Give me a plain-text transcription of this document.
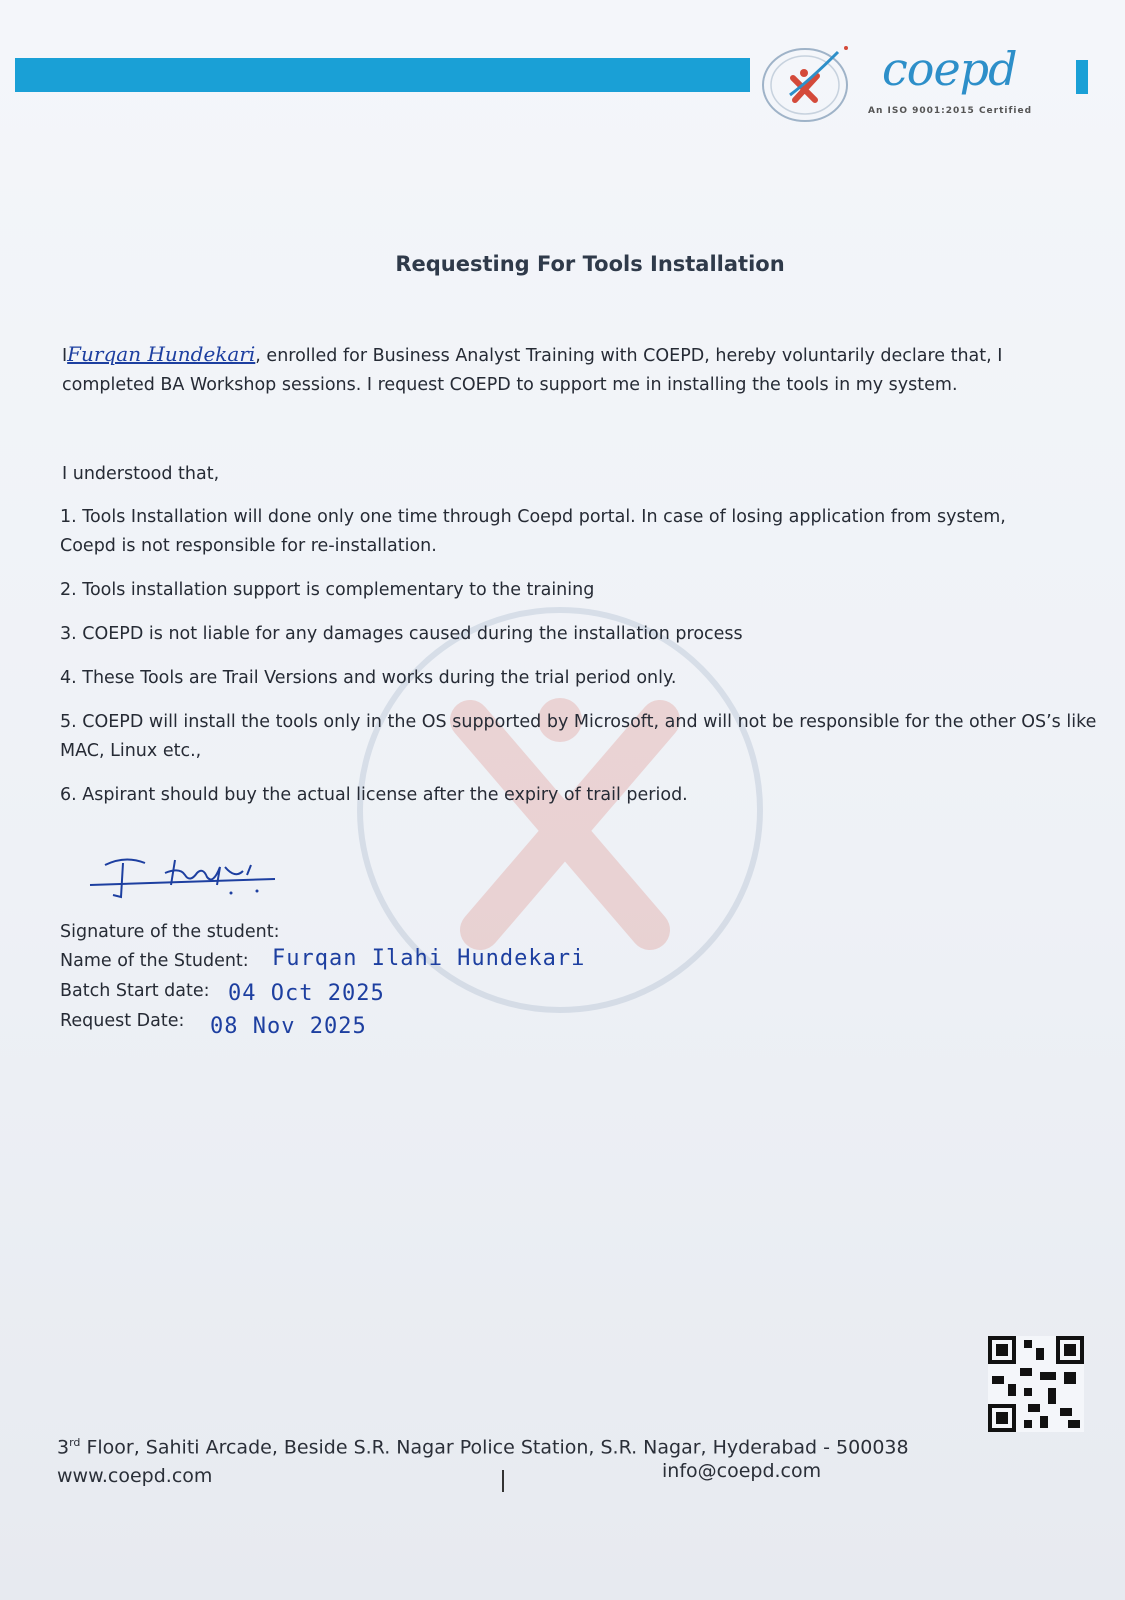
coepd
An ISO 9001:2015 Certified
Requesting For Tools Installation
IFurqan Hundekari, enrolled for Business Analyst Training with COEPD, hereby voluntarily declare that, I
completed BA Workshop sessions. I request COEPD to support me in installing the tools in my system.
I understood that,
1. Tools Installation will done only one time through Coepd portal. In case of losing application from system,
Coepd is not responsible for re-installation.
2. Tools installation support is complementary to the training
3. COEPD is not liable for any damages caused during the installation process
4. These Tools are Trail Versions and works during the trial period only.
5. COEPD will install the tools only in the OS supported by Microsoft, and will not be responsible for the other OS’s like
MAC, Linux etc.,
6. Aspirant should buy the actual license after the expiry of trail period.
Signature of the student:
Name of the Student: Furqan Ilahi Hundekari
Batch Start date: 04 Oct 2025
Request Date: 08 Nov 2025
3rd Floor, Sahiti Arcade, Beside S.R. Nagar Police Station, S.R. Nagar, Hyderabad - 500038
www.coepd.com	info@coepd.com
